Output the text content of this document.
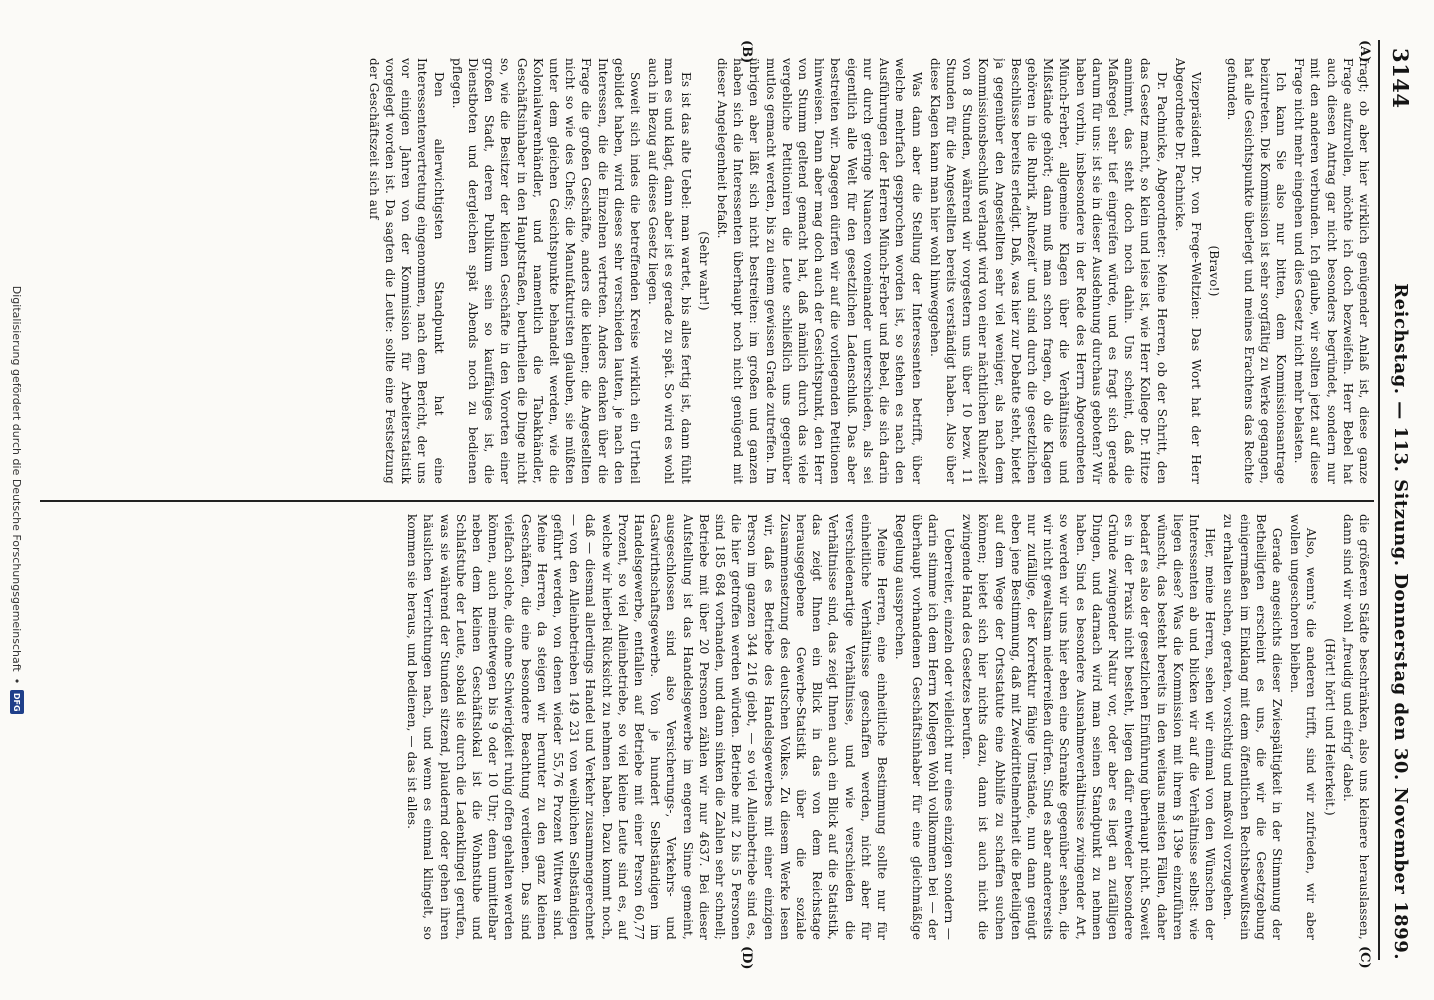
3144
Reichstag. — 113. Sitzung. Donnerstag den 30. November 1899.
(A)
(B)
(C)
(D)

fragt; ob aber hier wirklich genügender Anlaß ist, diese ganze Frage aufzurollen, möchte ich doch bezweifeln. Herr Bebel hat auch diesen Antrag gar nicht besonders begründet, sondern nur mit den anderen verbunden. Ich glaube, wir sollten jetzt auf diese Frage nicht mehr eingehen und dies Gesetz nicht mehr belasten.

Ich kann Sie also nur bitten, dem Kommissionsantrage beizutreten. Die Kommission ist sehr sorgfältig zu Werke gegangen, hat alle Gesichtspunkte überlegt und meines Erachtens das Rechte gefunden.

(Bravo!)

Vizepräsident Dr. von Frege-Weltzien: Das Wort hat der Herr Abgeordnete Dr. Pachnicke.

Dr. Pachnicke, Abgeordneter: Meine Herren, ob der Schritt, den das Gesetz macht, so klein und leise ist, wie Herr Kollege Dr. Hitze annimmt, das steht doch noch dahin. Uns scheint, daß die Maßregel sehr tief eingreifen würde, und es fragt sich gerade darum für uns: ist sie in dieser Ausdehnung durchaus geboten? Wir haben vorhin, insbesondere in der Rede des Herrn Abgeordneten Münch-Ferber, allgemeine Klagen über die Verhältnisse und Mißstände gehört; dann muß man schon fragen, ob die Klagen gehören in die Rubrik „Ruhezeit“ und sind durch die gesetzlichen Beschlüsse bereits erledigt. Daß, was hier zur Debatte steht, bietet ja gegenüber den Angestellten sehr viel weniger, als nach dem Kommissionsbeschluß verlangt wird von einer nächtlichen Ruhezeit von 8 Stunden, während wir vorgestern uns über 10 bezw. 11 Stunden für die Angestellten bereits verständigt haben. Also über diese Klagen kann man hier wohl hinweggehen.

Was dann aber die Stellung der Interessenten betrifft, über welche mehrfach gesprochen worden ist, so stehen es nach den Ausführungen der Herren Münch-Ferber und Bebel, die sich darin nur durch geringe Nuancen voneinander unterschieden, als sei eigentlich alle Welt für den gesetzlichen Ladenschluß. Das aber bestreiten wir. Dagegen dürfen wir auf die vorliegenden Petitionen hinweisen. Dann aber mag doch auch der Gesichtspunkt, den Herr von Stumm geltend gemacht hat, daß nämlich durch das viele vergebliche Petitioniren die Leute schließlich uns gegenüber mutlos gemacht werden, bis zu einem gewissen Grade zutreffen. Im übrigen aber läßt sich nicht bestreiten: im großen und ganzen haben sich die Interessenten überhaupt noch nicht genügend mit dieser Angelegenheit befaßt.

(Sehr wahr!)

Es ist das alte Uebel: man wartet, bis alles fertig ist, dann fühlt man es und klagt, dann aber ist es gerade zu spät. So wird es wohl auch in Bezug auf dieses Gesetz liegen.

Soweit sich indes die betreffenden Kreise wirklich ein Urtheil gebildet haben, wird dieses sehr verschieden lauten, je nach den Interessen, die die Einzelnen vertreten. Anders denken über die Frage die großen Geschäfte, anders die kleinen; die Angestellten nicht so wie des Chefs; die Manufakturisten glauben, sie müßten unter dem gleichen Gesichtspunkte behandelt werden, wie die Kolonialwarenhändler, und namentlich die Tabakhändler, Geschäftsinhaber in den Hauptstraßen, beurtheilen die Dinge nicht so, wie die Besitzer der kleinen Geschäfte in den Vororten einer großen Stadt, deren Publikum sein so kauffähiges ist, die Dienstboten und dergleichen spät Abends noch zu bedienen pflegen.

Den allerwichtigsten Standpunkt hat eine Interessentenvertretung eingenommen, nach dem Bericht, der uns vor einigen Jahren von der Kommission für Arbeiterstatistik vorgelegt worden ist. Da sagten die Leute: sollte eine Festsetzung der Geschäftszeit sich auf

die größeren Städte beschränken, also uns kleinere herauslassen, dann sind wir wohl „freudig und eifrig“ dabei.

(Hört! hört! und Heiterkeit.)

Also, wenn's die anderen trifft, sind wir zufrieden, wir aber wollen ungeschoren bleiben.

Gerade angesichts dieser Zwiespältigkeit in der Stimmung der Betheiligten erscheint es uns, die wir die Gesetzgebung einigermaßen im Einklang mit dem öffentlichen Rechtsbewußtsein zu erhalten suchen, geraten, vorsichtig und maßvoll vorzugehen.

Hier, meine Herren, sehen wir einmal von den Wünschen der Interessenten ab und blicken wir auf die Verhältnisse selbst: wie liegen diese? Was die Kommission mit ihrem § 139e einzuführen wünscht, das besteht bereits in den weitaus meisten Fällen, daher bedarf es also der gesetzlichen Einführung überhaupt nicht. Soweit es in der Praxis nicht besteht, liegen dafür entweder besondere Gründe zwingender Natur vor, oder aber es liegt an zufälligen Dingen, und darnach wird man seinen Standpunkt zu nehmen haben. Sind es besondere Ausnahmeverhältnisse zwingender Art, so werden wir uns hier eben eine Schranke gegenüber sehen, die wir nicht gewaltsam niederreißen dürfen. Sind es aber andererseits nur zufällige, der Korrektur fähige Umstände, nun dann genügt eben jene Bestimmung, daß mit Zweidrittelmehrheit die Beteiligten auf dem Wege der Ortsstatute eine Abhilfe zu schaffen suchen können; bietet sich hier nichts dazu, dann ist auch nicht die zwingende Hand des Gesetzes berufen.

Ueberreiter, einzeln oder vielleicht nur eines einzigen sondern — darin stimme ich dem Herrn Kollegen Wohl vollkommen bei — der überhaupt vorhandenen Geschäftsinhaber für eine gleichmäßige Regelung aussprechen.

Meine Herren, eine einheitliche Bestimmung sollte nur für einheitliche Verhältnisse geschaffen werden, nicht aber für verschiedenartige Verhältnisse, und wie verschieden die Verhältnisse sind, das zeigt Ihnen auch ein Blick auf die Statistik, das zeigt Ihnen ein Blick in das von dem Reichstage herausgegebene Gewerbe-Statistik über die soziale Zusammensetzung des deutschen Volkes. Zu diesem Werke lesen wir, daß es Betriebe des Handelsgewerbes mit einer einzigen Person im ganzen 344 216 giebt, — so viel Alleinbetriebe sind es, die hier getroffen werden würden. Betriebe mit 2 bis 5 Personen sind 185 684 vorhanden, und dann sinken die Zahlen sehr schnell; Betriebe mit über 20 Personen zählen wir nur 4637. Bei dieser Aufstellung ist das Handelsgewerbe im engeren Sinne gemeint, ausgeschlossen sind also Versicherungs-, Verkehrs- und Gastwirthschaftsgewerbe. Von je hundert Selbständigen im Handelsgewerbe, entfallen auf Betriebe mit einer Person 60,77 Prozent, so viel Alleinbetriebe, so viel kleine Leute sind es, auf welche wir hierbei Rücksicht zu nehmen haben. Dazu kommt noch, daß — diesmal allerdings Handel und Verkehr zusammengerechnet — von den Alleinbetrieben 149 231 von weiblichen Selbständigen geführt werden, von denen wieder 55,76 Prozent Wittwen sind. Meine Herren, da steigen wir herunter zu den ganz kleinen Geschäften, die eine besondere Beachtung verdienen. Das sind vielfach solche, die ohne Schwierigkeit ruhig offen gehalten werden können, auch meinetwegen bis 9 oder 10 Uhr; denn unmittelbar neben dem kleinen Geschäftslokal ist die Wohnstube und Schlafstube der Leute, sobald sie durch die Ladenklingel gerufen, was sie während der Stunden sitzend, plaudernd oder gehen ihren häuslichen Verrichtungen nach, und wenn es einmal klingelt, so kommen sie heraus, und bedienen, — das ist alles.

Digitalisierung gefördert durch die Deutsche Forschungsgemeinschaft
•
DFG
